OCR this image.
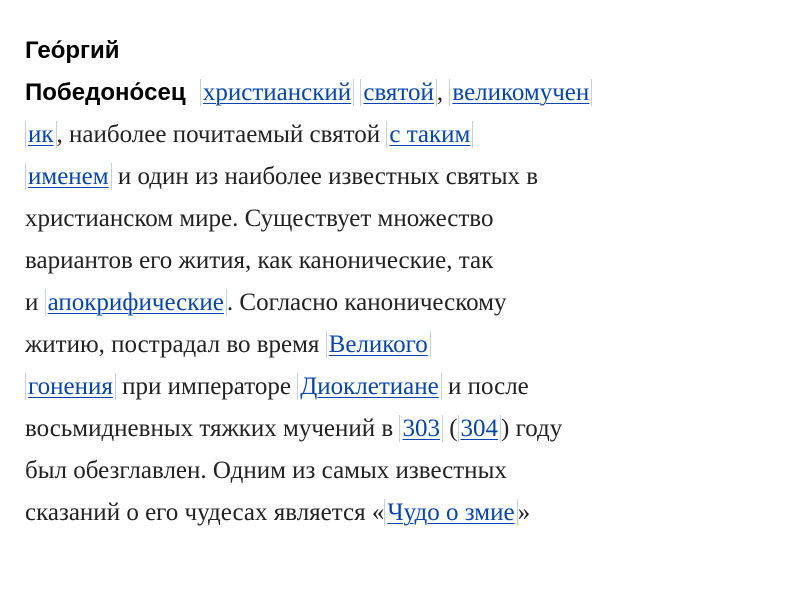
Гео́ргий
Победоно́сец христианский святой , великомучен
ик , наиболее почитаемый святой с таким
именем и один из наиболее известных святых в
христианском мире. Существует множество
вариантов его жития, как канонические, так
и апокрифические . Согласно каноническому
житию, пострадал во время Великого
гонения при императоре Диоклетиане и после
восьмидневных тяжких мучений в 303 ( 304 ) году
был обезглавлен. Одним из самых известных
сказаний о его чудесах является « Чудо о змие »
